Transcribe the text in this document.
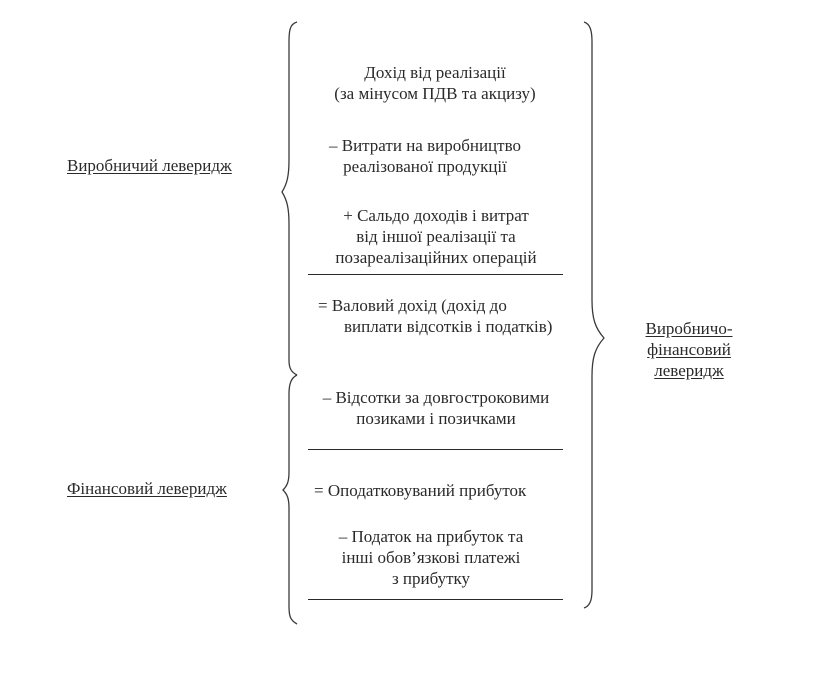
Виробничий леверидж
Фінансовий леверидж
Виробничо-
фінансовий
леверидж
Дохід від реалізації
(за мінусом ПДВ та акцизу)
– Витрати на виробництво
реалізованої продукції
+ Сальдо доходів і витрат
від іншої реалізації та
позареалізаційних операцій
= Валовий дохід (дохід до
виплати відсотків і податків)
– Відсотки за довгостроковими
позиками і позичками
= Оподатковуваний прибуток
– Податок на прибуток та
інші обов’язкові платежі
з прибутку
